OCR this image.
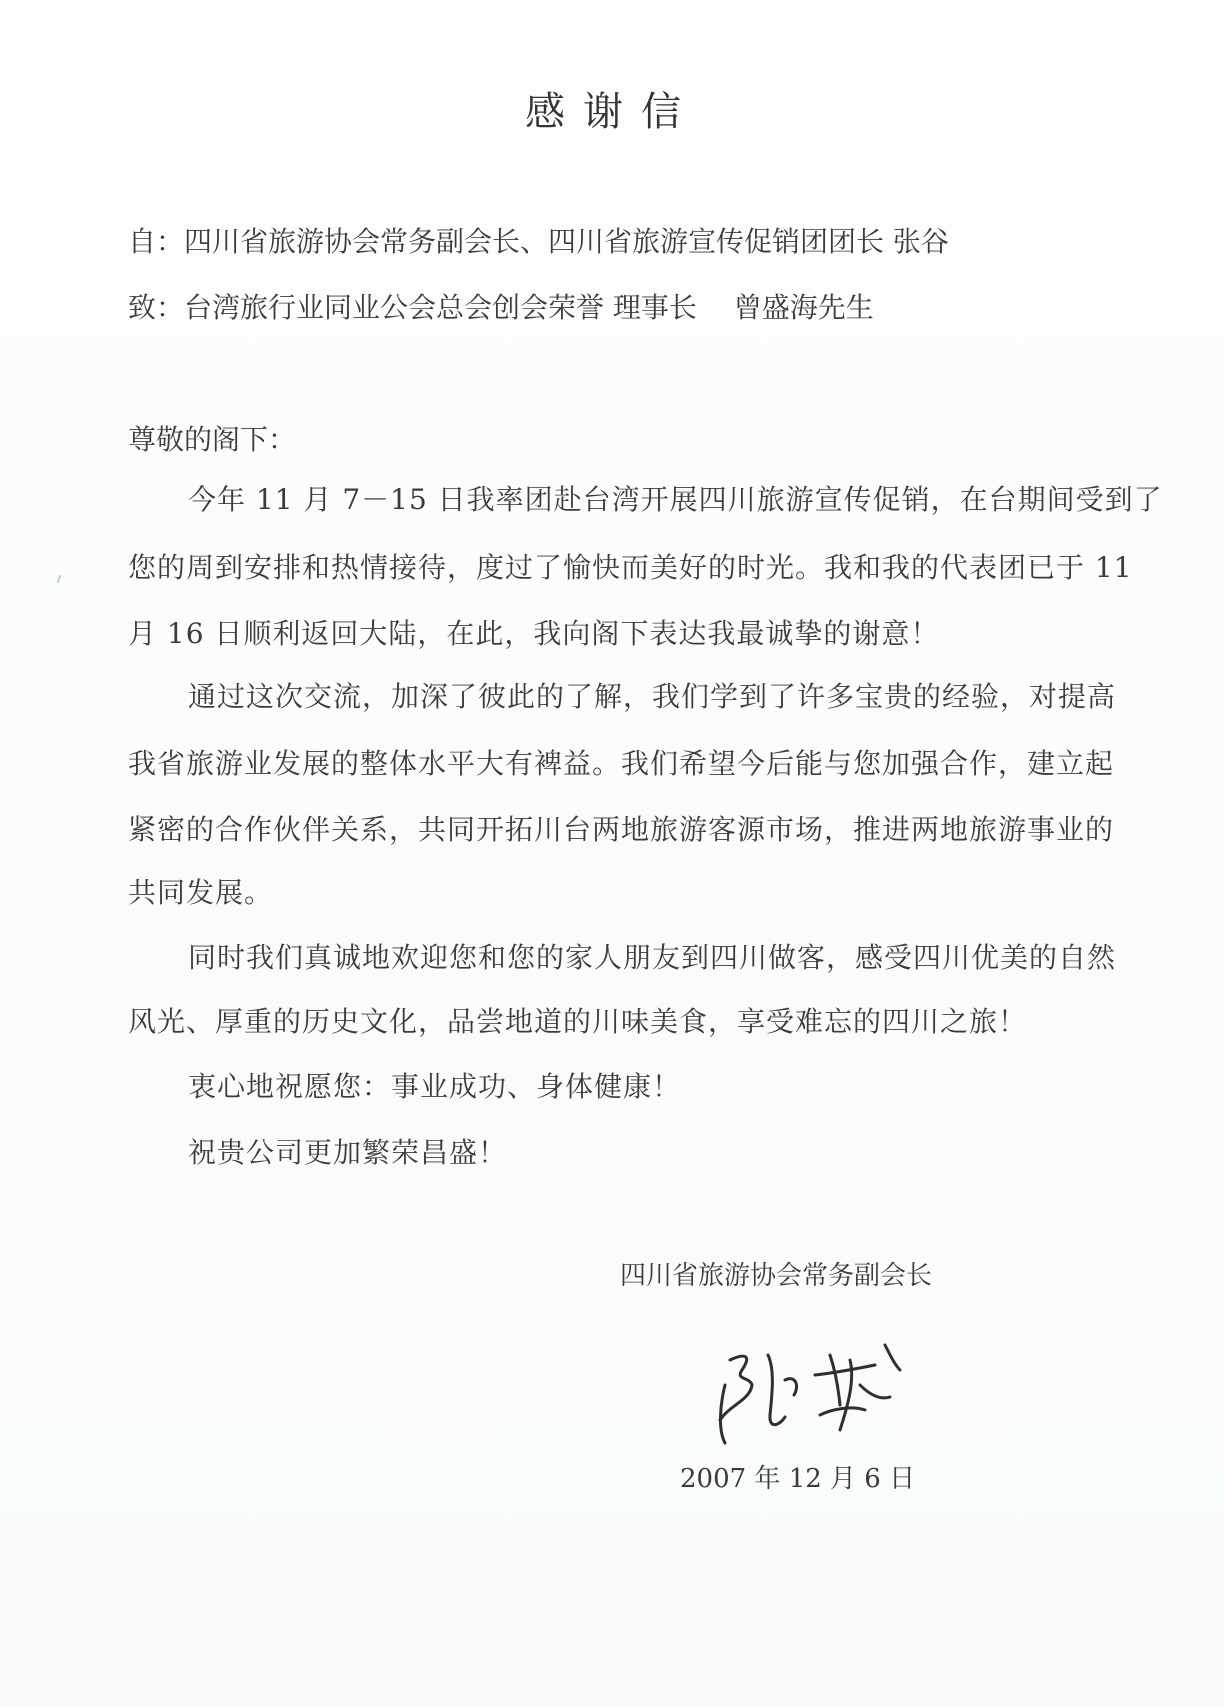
感谢信
自：四川省旅游协会常务副会长、四川省旅游宣传促销团团长 张谷
致：台湾旅行业同业公会总会创会荣誉 理事长　 曾盛海先生
尊敬的阁下：
今年 11 月 7－15 日我率团赴台湾开展四川旅游宣传促销，在台期间受到了
您的周到安排和热情接待，度过了愉快而美好的时光。我和我的代表团已于 11
月 16 日顺利返回大陆，在此，我向阁下表达我最诚挚的谢意！
通过这次交流，加深了彼此的了解，我们学到了许多宝贵的经验，对提高
我省旅游业发展的整体水平大有裨益。我们希望今后能与您加强合作，建立起
紧密的合作伙伴关系，共同开拓川台两地旅游客源市场，推进两地旅游事业的
共同发展。
同时我们真诚地欢迎您和您的家人朋友到四川做客，感受四川优美的自然
风光、厚重的历史文化，品尝地道的川味美食，享受难忘的四川之旅！
衷心地祝愿您：事业成功、身体健康！
祝贵公司更加繁荣昌盛！
四川省旅游协会常务副会长
2007 年 12 月 6 日
